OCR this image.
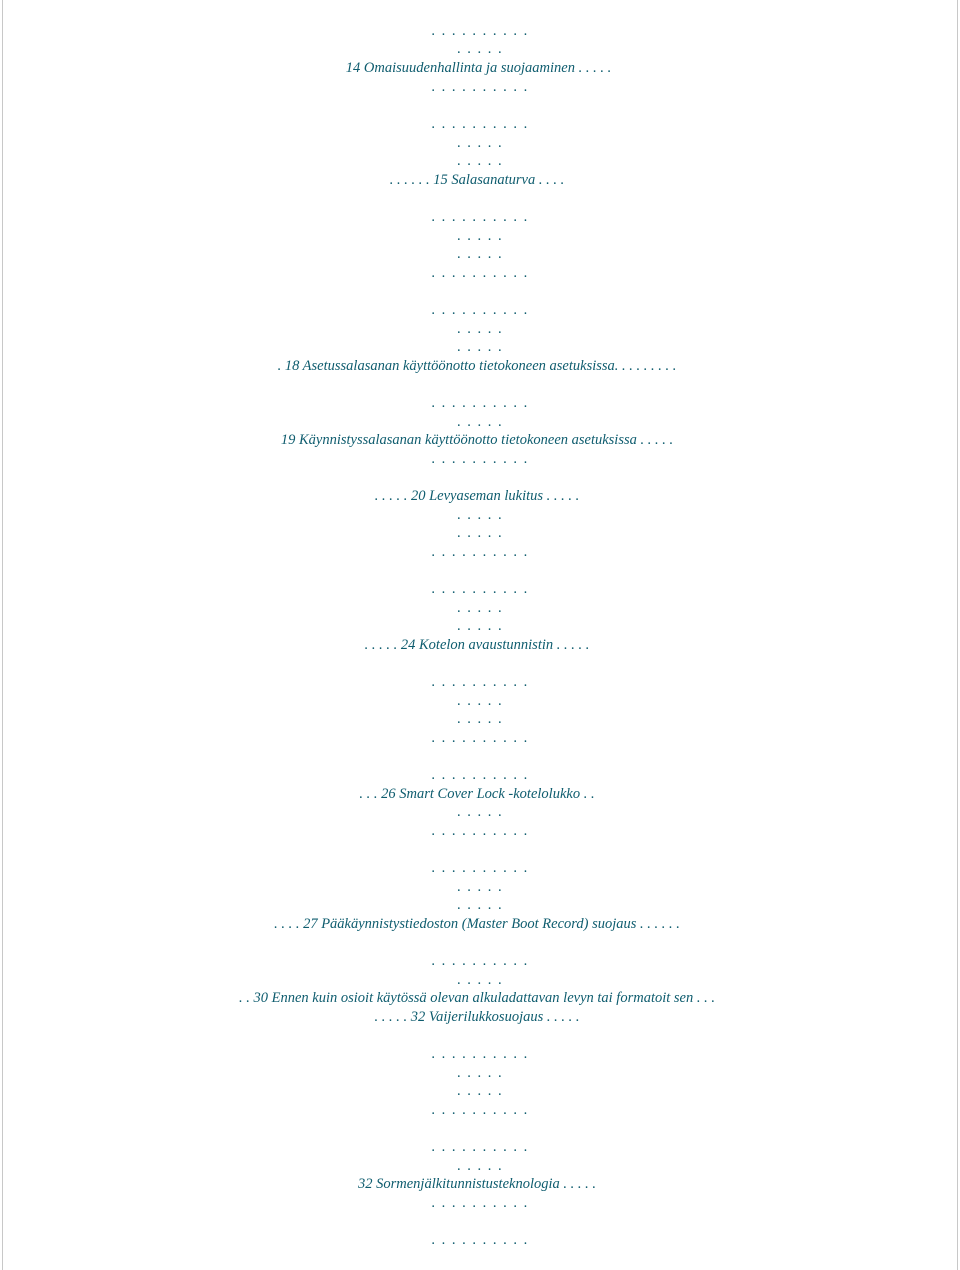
. . . . . . . . . .
. . . . .
14 Omaisuudenhallinta ja suojaaminen . . . . .
. . . . . . . . . .
. . . . . . . . . .
. . . . .
. . . . .
. . . . . . 15 Salasanaturva . . . .
. . . . . . . . . .
. . . . .
. . . . .
. . . . . . . . . .
. . . . . . . . . .
. . . . .
. . . . .
. 18 Asetussalasanan käyttöönotto tietokoneen asetuksissa. . . . . . . . .
. . . . . . . . . .
. . . . .
19 Käynnistyssalasanan käyttöönotto tietokoneen asetuksissa . . . . .
. . . . . . . . . .
. . . . . 20 Levyaseman lukitus . . . . .
. . . . .
. . . . .
. . . . . . . . . .
. . . . . . . . . .
. . . . .
. . . . .
. . . . . 24 Kotelon avaustunnistin . . . . .
. . . . . . . . . .
. . . . .
. . . . .
. . . . . . . . . .
. . . . . . . . . .
. . . 26 Smart Cover Lock -kotelolukko . .
. . . . .
. . . . . . . . . .
. . . . . . . . . .
. . . . .
. . . . .
. . . . 27 Pääkäynnistystiedoston (Master Boot Record) suojaus . . . . . .
. . . . . . . . . .
. . . . .
. . 30 Ennen kuin osioit käytössä olevan alkuladattavan levyn tai formatoit sen . . .
. . . . . 32 Vaijerilukkosuojaus . . . . .
. . . . . . . . . .
. . . . .
. . . . .
. . . . . . . . . .
. . . . . . . . . .
. . . . .
32 Sormenjälkitunnistusteknologia . . . . .
. . . . . . . . . .
. . . . . . . . . .
